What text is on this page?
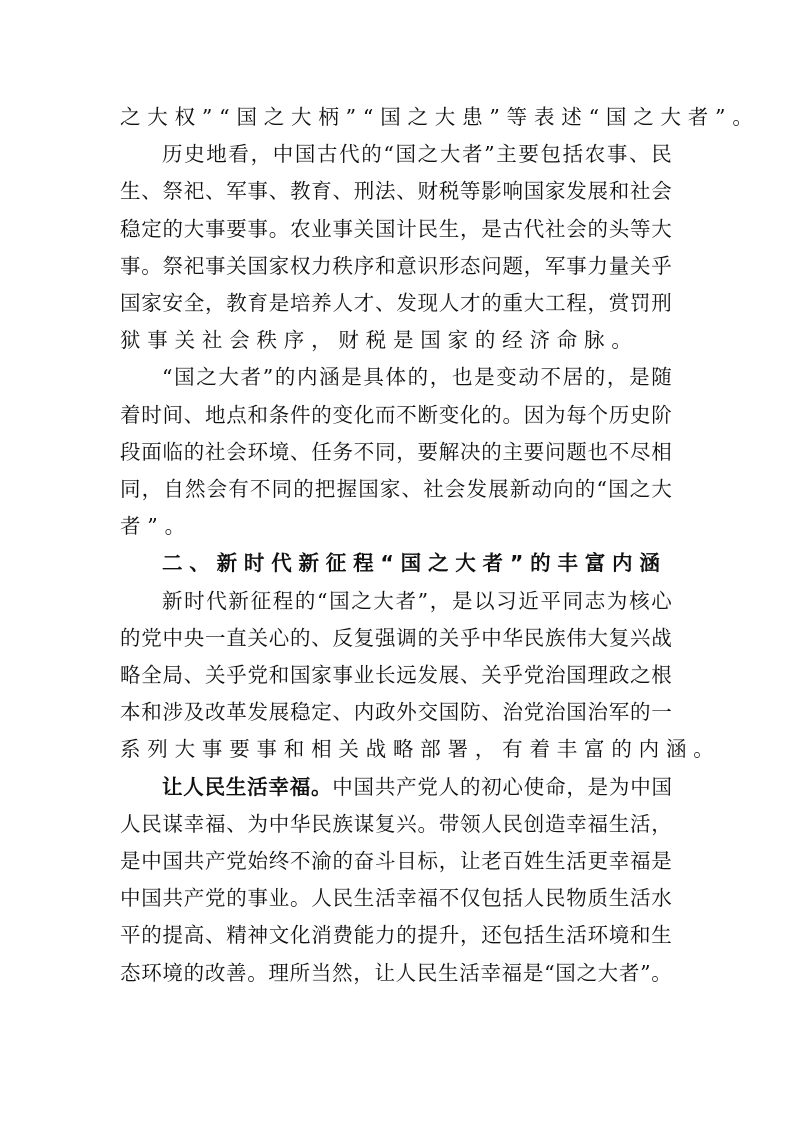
之 大 权 ” “ 国 之 大 柄 ” “ 国 之 大 患 ” 等 表 述 “ 国 之 大 者 ” 。
历 史 地 看 ， 中 国 古 代 的 “ 国 之 大 者 ” 主 要 包 括 农 事 、 民
生 、 祭 祀 、 军 事 、 教 育 、 刑 法 、 财 税 等 影 响 国 家 发 展 和 社 会
稳 定 的 大 事 要 事 。 农 业 事 关 国 计 民 生 ， 是 古 代 社 会 的 头 等 大
事 。 祭 祀 事 关 国 家 权 力 秩 序 和 意 识 形 态 问 题 ， 军 事 力 量 关 乎
国 家 安 全 ， 教 育 是 培 养 人 才 、 发 现 人 才 的 重 大 工 程 ， 赏 罚 刑
狱 事 关 社 会 秩 序 ， 财 税 是 国 家 的 经 济 命 脉 。
“ 国 之 大 者 ” 的 内 涵 是 具 体 的 ， 也 是 变 动 不 居 的 ， 是 随
着 时 间 、 地 点 和 条 件 的 变 化 而 不 断 变 化 的 。 因 为 每 个 历 史 阶
段 面 临 的 社 会 环 境 、 任 务 不 同 ， 要 解 决 的 主 要 问 题 也 不 尽 相
同 ， 自 然 会 有 不 同 的 把 握 国 家 、 社 会 发 展 新 动 向 的 “ 国 之 大
者 ” 。
二 、 新 时 代 新 征 程 “ 国 之 大 者 ” 的 丰 富 内 涵
新 时 代 新 征 程 的 “ 国 之 大 者 ” ， 是 以 习 近 平 同 志 为 核 心
的 党 中 央 一 直 关 心 的 、 反 复 强 调 的 关 乎 中 华 民 族 伟 大 复 兴 战
略 全 局 、 关 乎 党 和 国 家 事 业 长 远 发 展 、 关 乎 党 治 国 理 政 之 根
本 和 涉 及 改 革 发 展 稳 定 、 内 政 外 交 国 防 、 治 党 治 国 治 军 的 一
系 列 大 事 要 事 和 相 关 战 略 部 署 ， 有 着 丰 富 的 内 涵 。
让 人 民 生 活 幸 福 。 中 国 共 产 党 人 的 初 心 使 命 ， 是 为 中 国
人 民 谋 幸 福 、 为 中 华 民 族 谋 复 兴 。 带 领 人 民 创 造 幸 福 生 活 ，
是 中 国 共 产 党 始 终 不 渝 的 奋 斗 目 标 ， 让 老 百 姓 生 活 更 幸 福 是
中 国 共 产 党 的 事 业 。 人 民 生 活 幸 福 不 仅 包 括 人 民 物 质 生 活 水
平 的 提 高 、 精 神 文 化 消 费 能 力 的 提 升 ， 还 包 括 生 活 环 境 和 生
态 环 境 的 改 善 。 理 所 当 然 ， 让 人 民 生 活 幸 福 是 “ 国 之 大 者 ” 。
